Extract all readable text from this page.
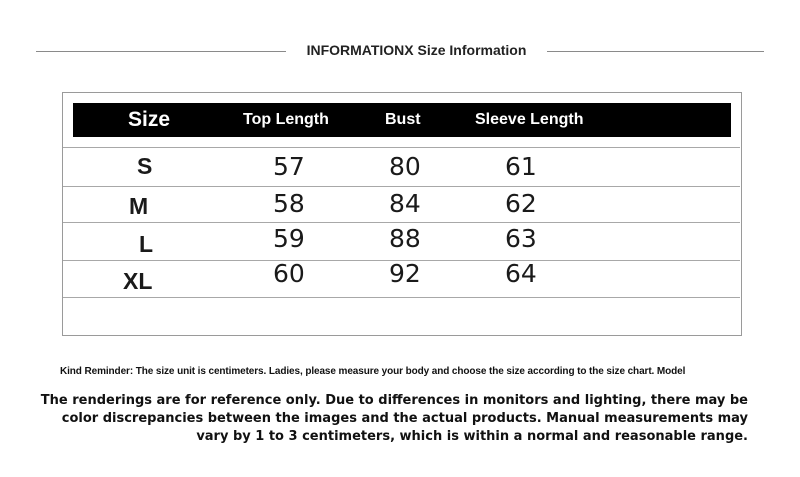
INFORMATIONX Size Information
Size	Top Length	Bust	Sleeve Length
S	57	80	61
M	58	84	62
L	59	88	63
XL	60	92	64
Kind Reminder: The size unit is centimeters. Ladies, please measure your body and choose the size according to the size chart. Model
The renderings are for reference only. Due to differences in monitors and lighting, there may be color discrepancies between the images and the actual products. Manual measurements may vary by 1 to 3 centimeters, which is within a normal and reasonable range.
